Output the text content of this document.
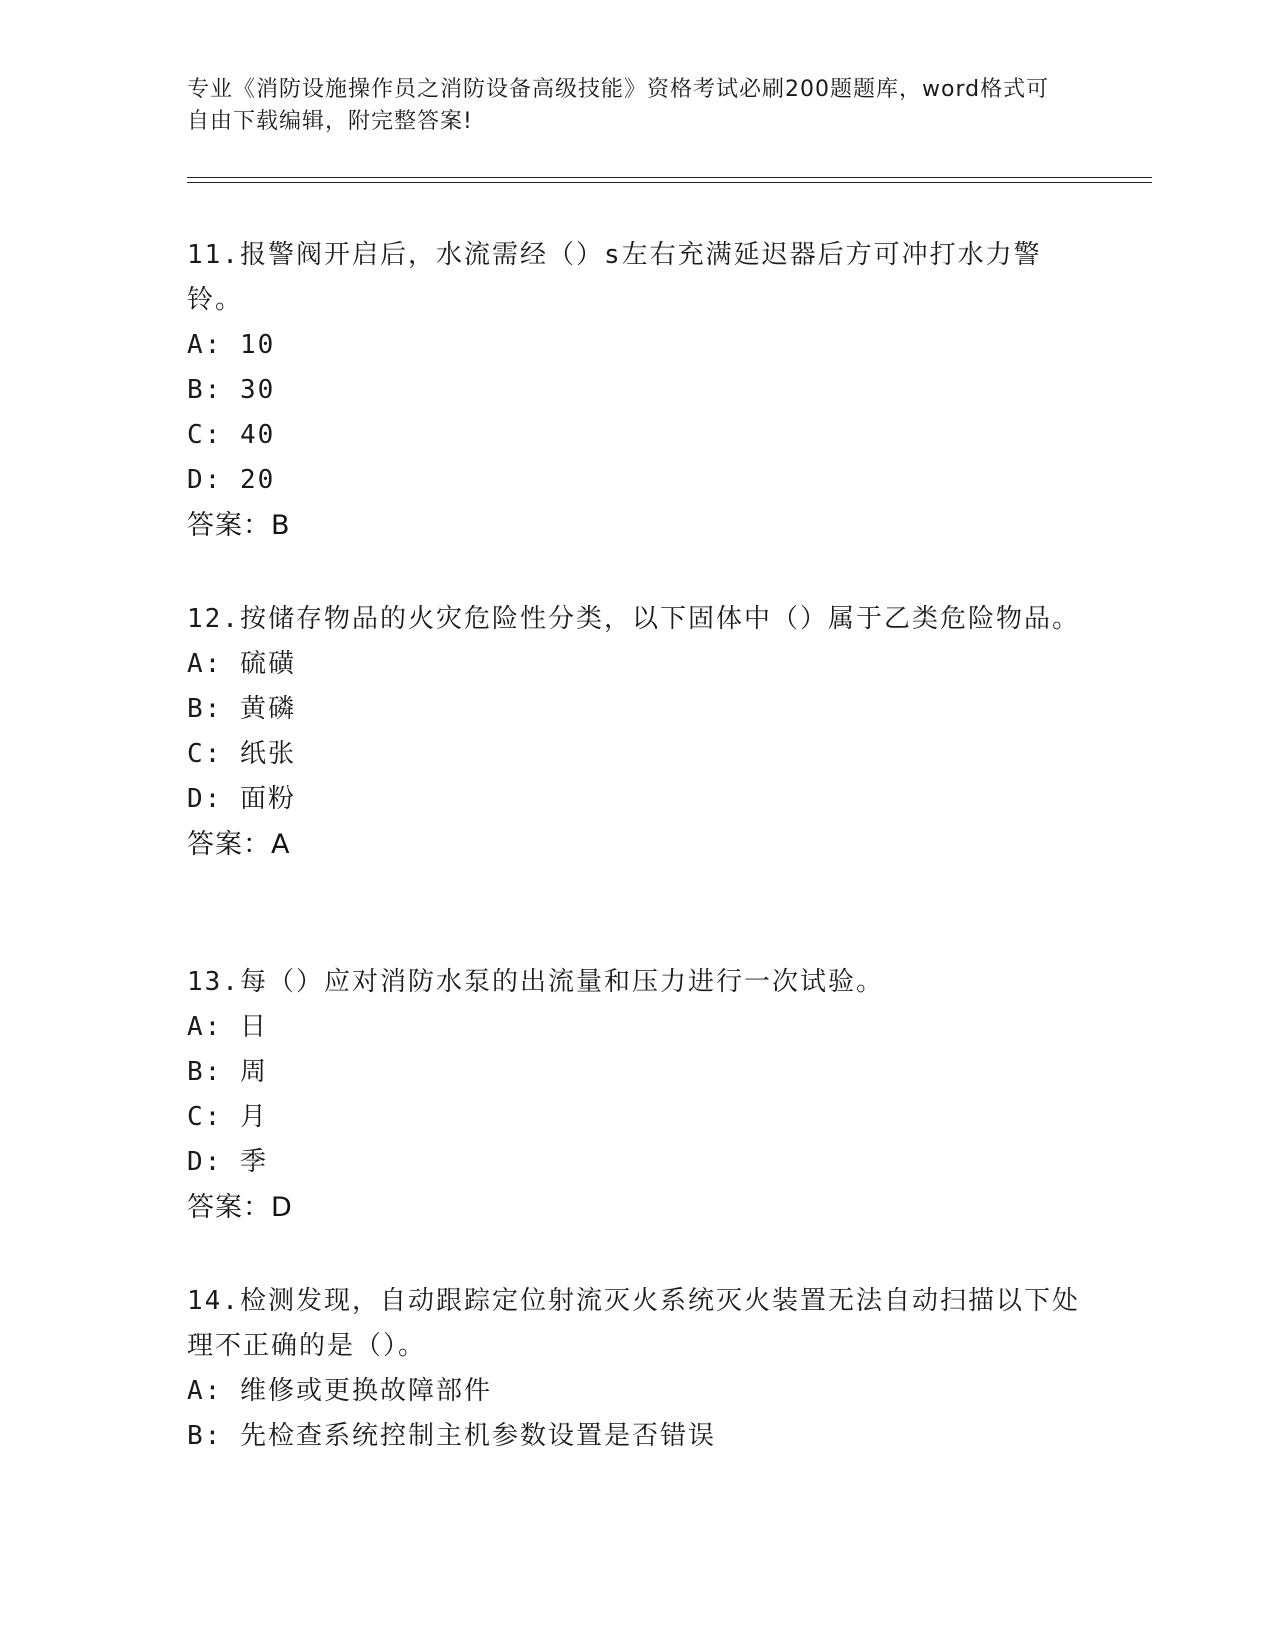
专业《消防设施操作员之消防设备高级技能》资格考试必刷200题题库，word格式可自由下载编辑，附完整答案!

11.报警阀开启后，水流需经（）s左右充满延迟器后方可冲打水力警铃。

A: 10

B: 30

C: 40

D: 20

答案：B

12.按储存物品的火灾危险性分类，以下固体中（）属于乙类危险物品。

A: 硫磺

B: 黄磷

C: 纸张

D: 面粉

答案：A

13.每（）应对消防水泵的出流量和压力进行一次试验。

A: 日

B: 周

C: 月

D: 季

答案：D

14.检测发现，自动跟踪定位射流灭火系统灭火装置无法自动扫描以下处理不正确的是（）。

A: 维修或更换故障部件

B: 先检查系统控制主机参数设置是否错误
